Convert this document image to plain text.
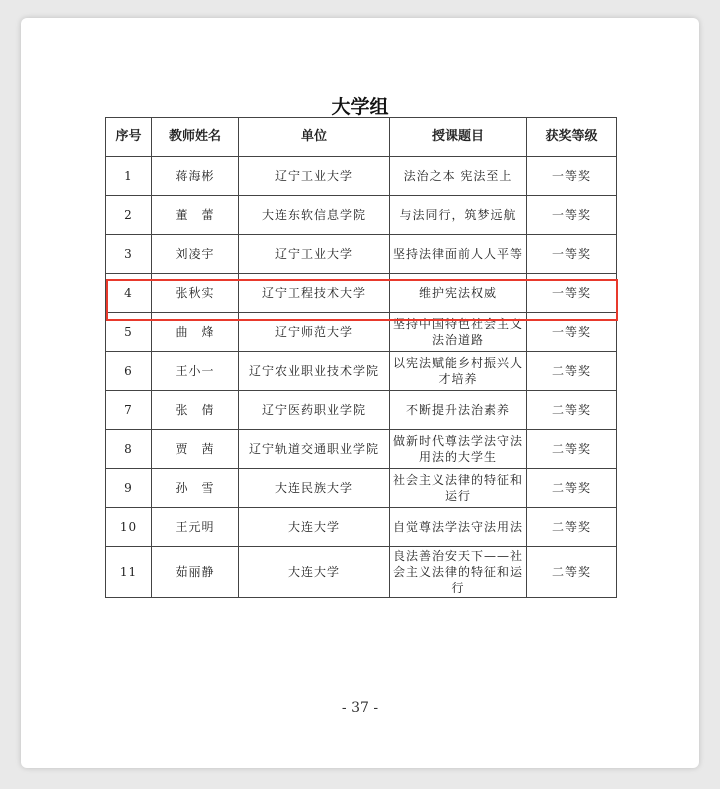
大学组
序号	教师姓名	单位	授课题目	获奖等级
1	蒋海彬	辽宁工业大学	法治之本 宪法至上	一等奖
2	董　蕾	大连东软信息学院	与法同行，筑梦远航	一等奖
3	刘凌宇	辽宁工业大学	坚持法律面前人人平等	一等奖
4	张秋实	辽宁工程技术大学	维护宪法权威	一等奖
5	曲　烽	辽宁师范大学	坚持中国特色社会主义法治道路	一等奖
6	王小一	辽宁农业职业技术学院	以宪法赋能乡村振兴人才培养	二等奖
7	张　倩	辽宁医药职业学院	不断提升法治素养	二等奖
8	贾　茜	辽宁轨道交通职业学院	做新时代尊法学法守法用法的大学生	二等奖
9	孙　雪	大连民族大学	社会主义法律的特征和运行	二等奖
10	王元明	大连大学	自觉尊法学法守法用法	二等奖
11	茹丽静	大连大学	良法善治安天下——社会主义法律的特征和运行	二等奖
- 37 -
